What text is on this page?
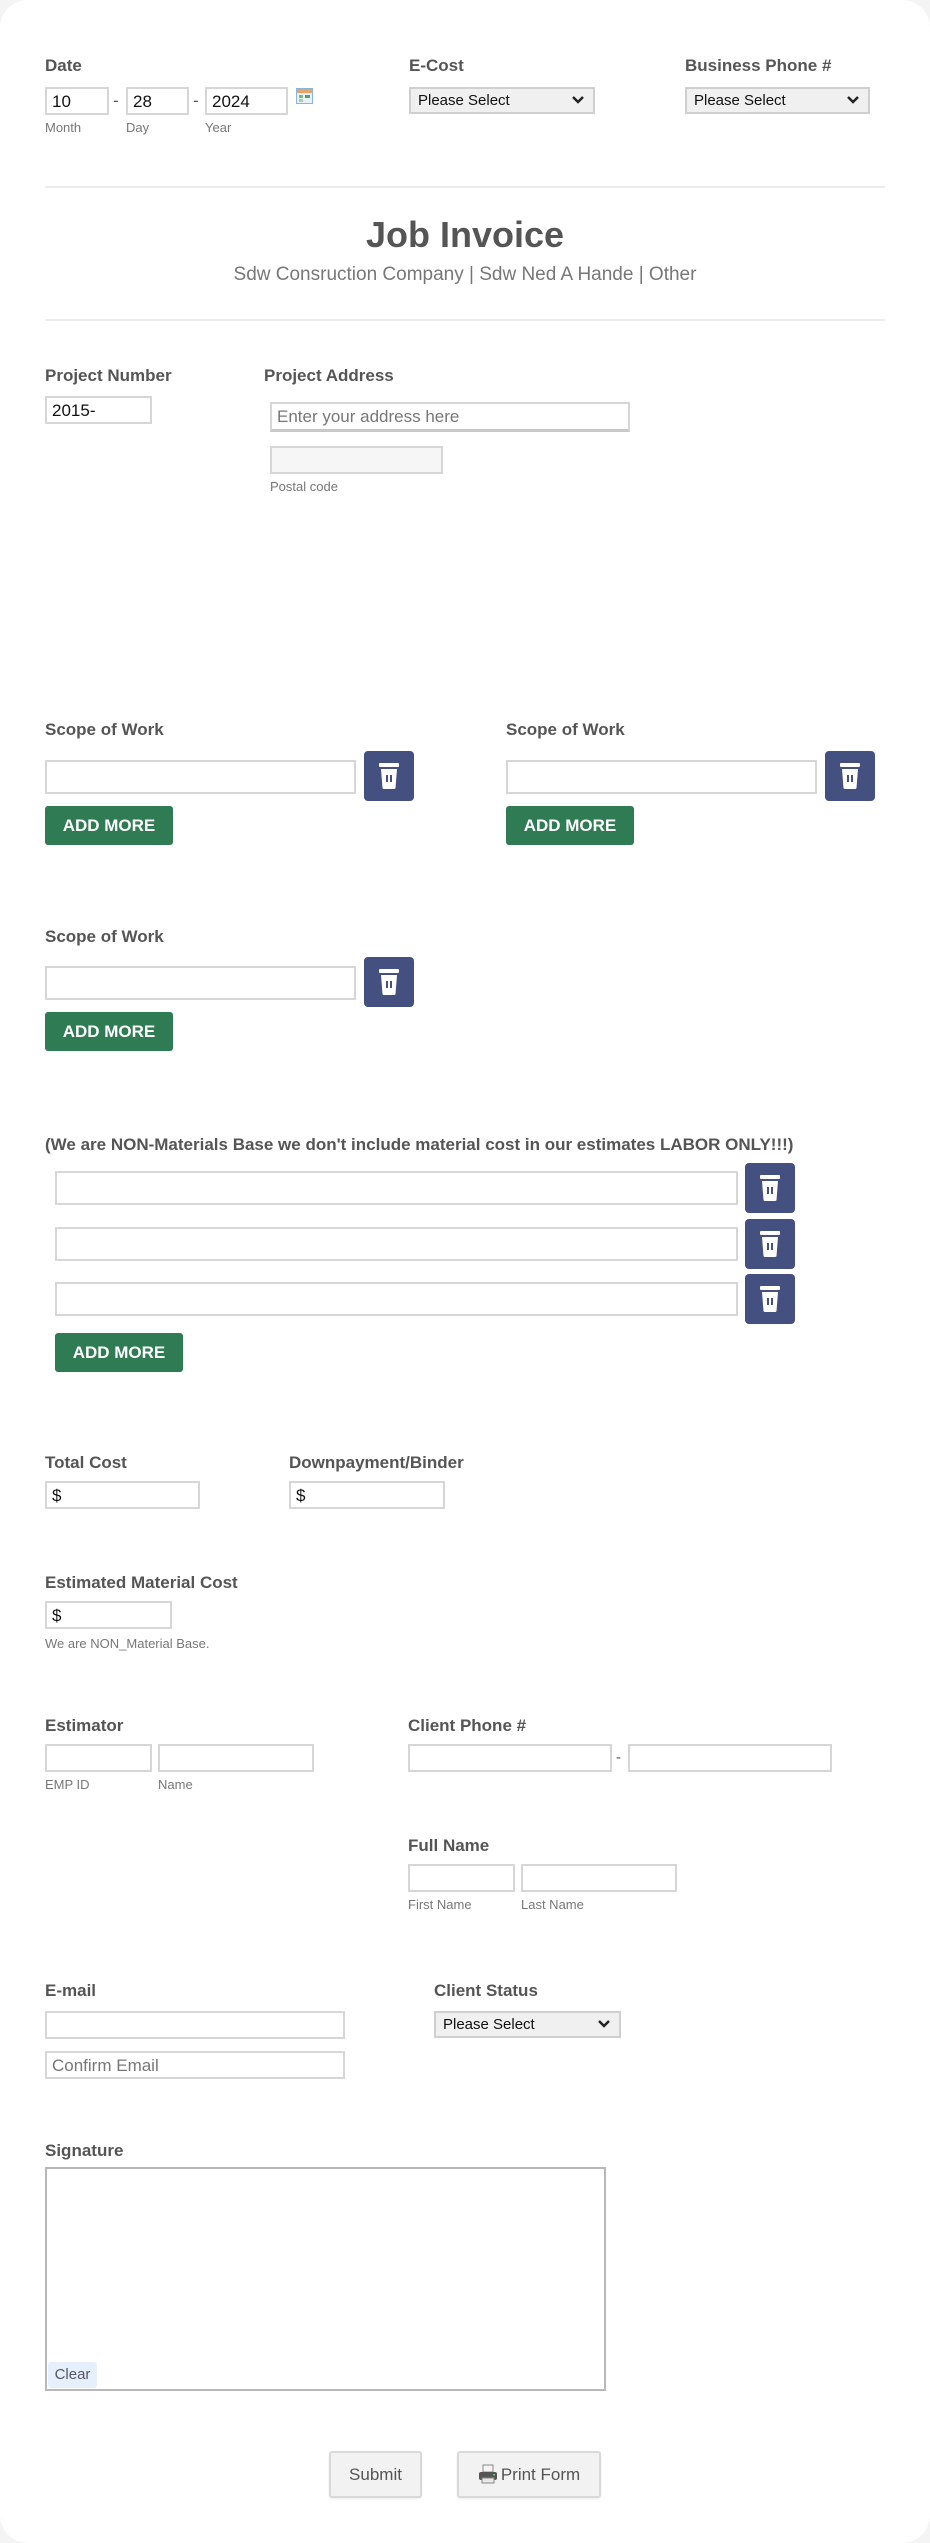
Date
10	- 28	- 2024
Month	Day	Year
E-Cost
Please Select
Business Phone #
Please Select
Job Invoice
Sdw Consruction Company | Sdw Ned A Hande | Other
Project Number
2015-
Project Address
Enter your address here
Postal code
Scope of Work
ADD MORE
Scope of Work
ADD MORE
Scope of Work
ADD MORE
(We are NON-Materials Base we don't include material cost in our estimates LABOR ONLY!!!)
ADD MORE
Total Cost
$
Downpayment/Binder
$
Estimated Material Cost
$
We are NON_Material Base.
Estimator
EMP ID	Name
Client Phone #
-
Full Name
First Name	Last Name
E-mail
Confirm Email
Client Status
Please Select
Signature
Clear
Submit	Print Form
